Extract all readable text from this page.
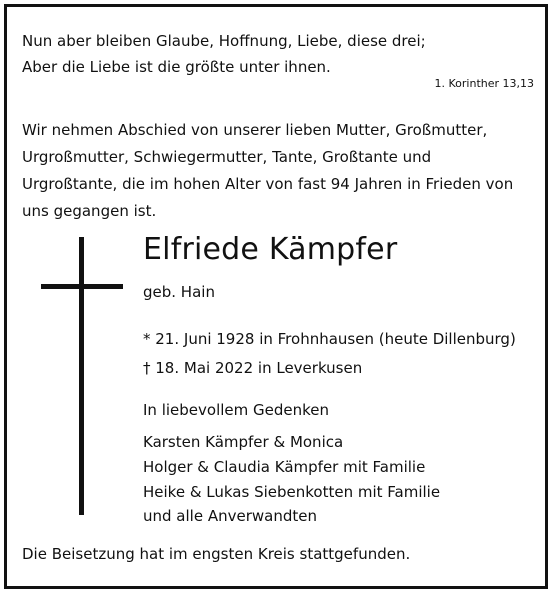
Nun aber bleiben Glaube, Hoffnung, Liebe, diese drei;
Aber die Liebe ist die größte unter ihnen.
1. Korinther 13,13
Wir nehmen Abschied von unserer lieben Mutter, Großmutter, Urgroßmutter, Schwiegermutter, Tante, Großtante und Urgroßtante, die im hohen Alter von fast 94 Jahren in Frieden von uns gegangen ist.
Elfriede Kämpfer
geb. Hain
* 21. Juni 1928 in Frohnhausen (heute Dillenburg)
† 18. Mai 2022 in Leverkusen
In liebevollem Gedenken
Karsten Kämpfer & Monica
Holger & Claudia Kämpfer mit Familie
Heike & Lukas Siebenkotten mit Familie
und alle Anverwandten
Die Beisetzung hat im engsten Kreis stattgefunden.
